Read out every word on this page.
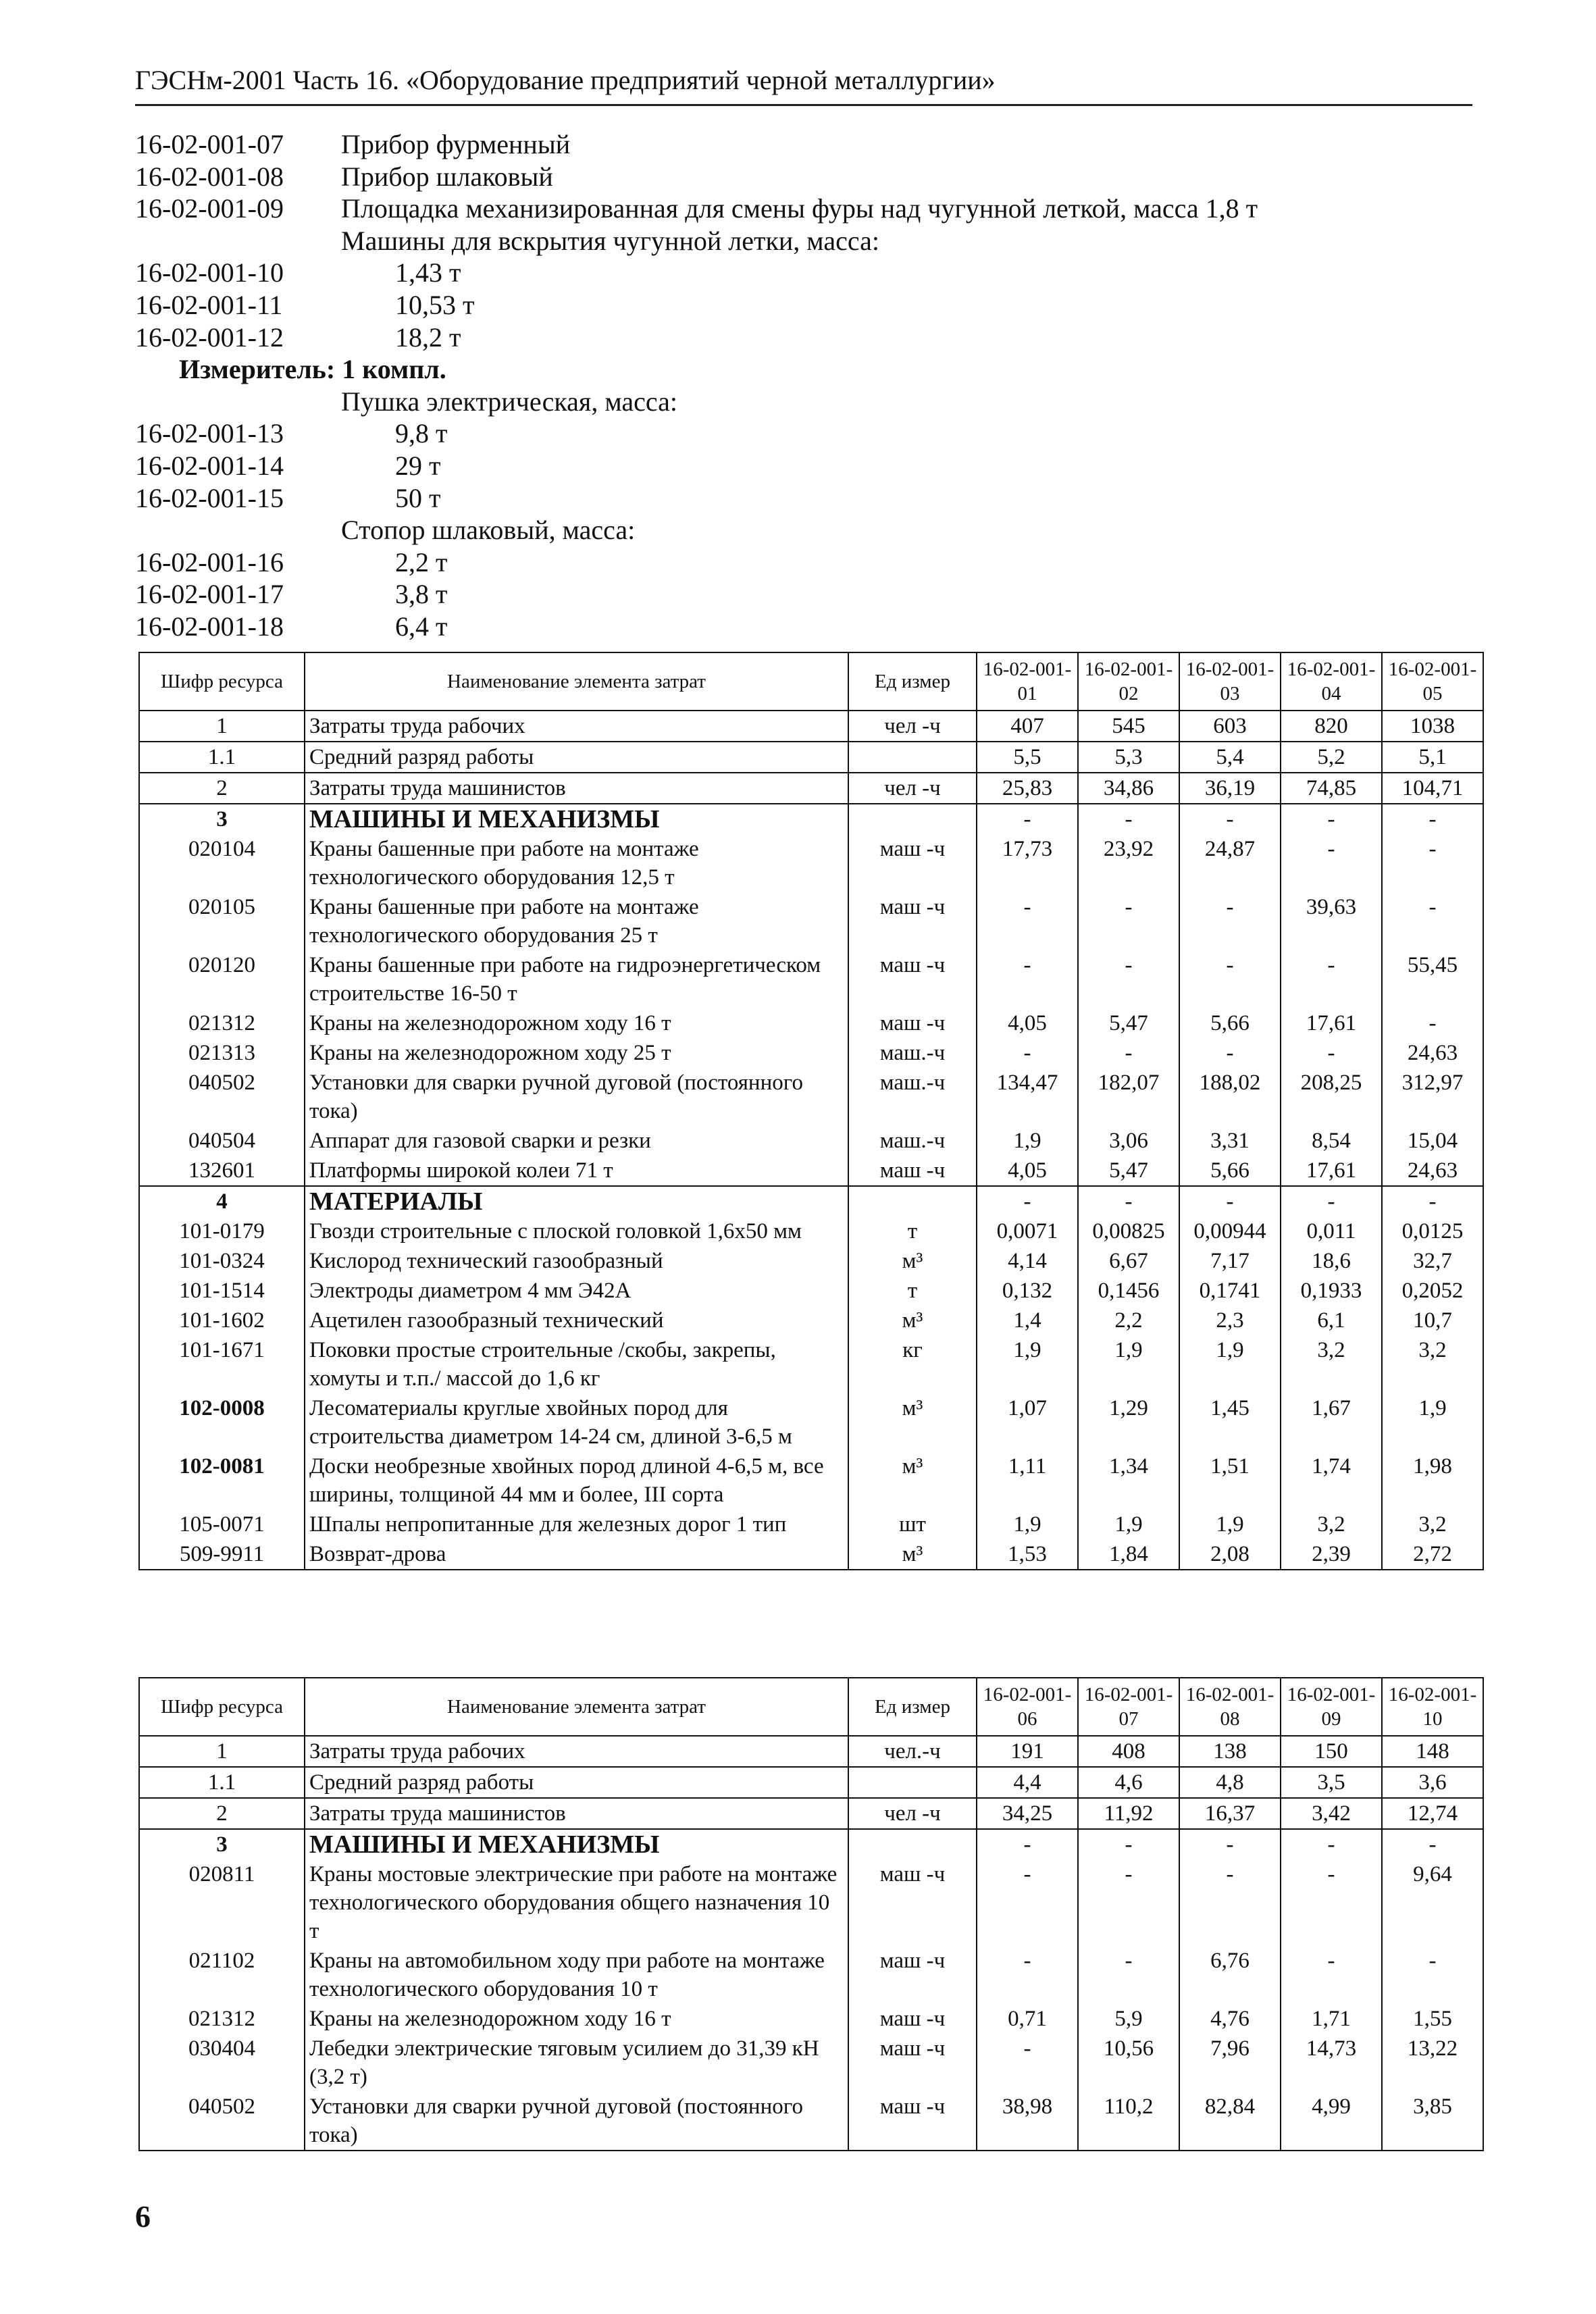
ГЭСНм-2001 Часть 16. «Оборудование предприятий черной металлургии»
16-02-001-07	Прибор фурменный
16-02-001-08	Прибор шлаковый
16-02-001-09	Площадка механизированная для смены фуры над чугунной леткой, масса 1,8 т
Машины для вскрытия чугунной летки, масса:
16-02-001-10	1,43 т
16-02-001-11	10,53 т
16-02-001-12	18,2 т
Измеритель: 1 компл.
Пушка электрическая, масса:
16-02-001-13	9,8 т
16-02-001-14	29 т
16-02-001-15	50 т
Стопор шлаковый, масса:
16-02-001-16	2,2 т
16-02-001-17	3,8 т
16-02-001-18	6,4 т
Шифр ресурса	Наименование элемента затрат	Ед измер	16-02-001-01	16-02-001-02	16-02-001-03	16-02-001-04	16-02-001-05
1	Затраты труда рабочих	чел -ч	407	545	603	820	1038
1.1	Средний разряд работы		5,5	5,3	5,4	5,2	5,1
2	Затраты труда машинистов	чел -ч	25,83	34,86	36,19	74,85	104,71
3	МАШИНЫ И МЕХАНИЗМЫ		-	-	-	-	-
020104	Краны башенные при работе на монтаже технологического оборудования 12,5 т	маш -ч	17,73	23,92	24,87	-	-
020105	Краны башенные при работе на монтаже технологического оборудования 25 т	маш -ч	-	-	-	39,63	-
020120	Краны башенные при работе на гидроэнергетическом строительстве 16-50 т	маш -ч	-	-	-	-	55,45
021312	Краны на железнодорожном ходу 16 т	маш -ч	4,05	5,47	5,66	17,61	-
021313	Краны на железнодорожном ходу 25 т	маш.-ч	-	-	-	-	24,63
040502	Установки для сварки ручной дуговой (постоянного тока)	маш.-ч	134,47	182,07	188,02	208,25	312,97
040504	Аппарат для газовой сварки и резки	маш.-ч	1,9	3,06	3,31	8,54	15,04
132601	Платформы широкой колеи 71 т	маш -ч	4,05	5,47	5,66	17,61	24,63
4	МАТЕРИАЛЫ		-	-	-	-	-
101-0179	Гвозди строительные с плоской головкой 1,6x50 мм	т	0,0071	0,00825	0,00944	0,011	0,0125
101-0324	Кислород технический газообразный	м³	4,14	6,67	7,17	18,6	32,7
101-1514	Электроды диаметром 4 мм Э42А	т	0,132	0,1456	0,1741	0,1933	0,2052
101-1602	Ацетилен газообразный технический	м³	1,4	2,2	2,3	6,1	10,7
101-1671	Поковки простые строительные /скобы, закрепы, хомуты и т.п./ массой до 1,6 кг	кг	1,9	1,9	1,9	3,2	3,2
102-0008	Лесоматериалы круглые хвойных пород для строительства диаметром 14-24 см, длиной 3-6,5 м	м³	1,07	1,29	1,45	1,67	1,9
102-0081	Доски необрезные хвойных пород длиной 4-6,5 м, все ширины, толщиной 44 мм и более, III сорта	м³	1,11	1,34	1,51	1,74	1,98
105-0071	Шпалы непропитанные для железных дорог 1 тип	шт	1,9	1,9	1,9	3,2	3,2
509-9911	Возврат-дрова	м³	1,53	1,84	2,08	2,39	2,72
Шифр ресурса	Наименование элемента затрат	Ед измер	16-02-001-06	16-02-001-07	16-02-001-08	16-02-001-09	16-02-001-10
1	Затраты труда рабочих	чел.-ч	191	408	138	150	148
1.1	Средний разряд работы		4,4	4,6	4,8	3,5	3,6
2	Затраты труда машинистов	чел -ч	34,25	11,92	16,37	3,42	12,74
3	МАШИНЫ И МЕХАНИЗМЫ		-	-	-	-	-
020811	Краны мостовые электрические при работе на монтаже технологического оборудования общего назначения 10 т	маш -ч	-	-	-	-	9,64
021102	Краны на автомобильном ходу при работе на монтаже технологического оборудования 10 т	маш -ч	-	-	6,76	-	-
021312	Краны на железнодорожном ходу 16 т	маш -ч	0,71	5,9	4,76	1,71	1,55
030404	Лебедки электрические тяговым усилием до 31,39 кН (3,2 т)	маш -ч	-	10,56	7,96	14,73	13,22
040502	Установки для сварки ручной дуговой (постоянного тока)	маш -ч	38,98	110,2	82,84	4,99	3,85
6
